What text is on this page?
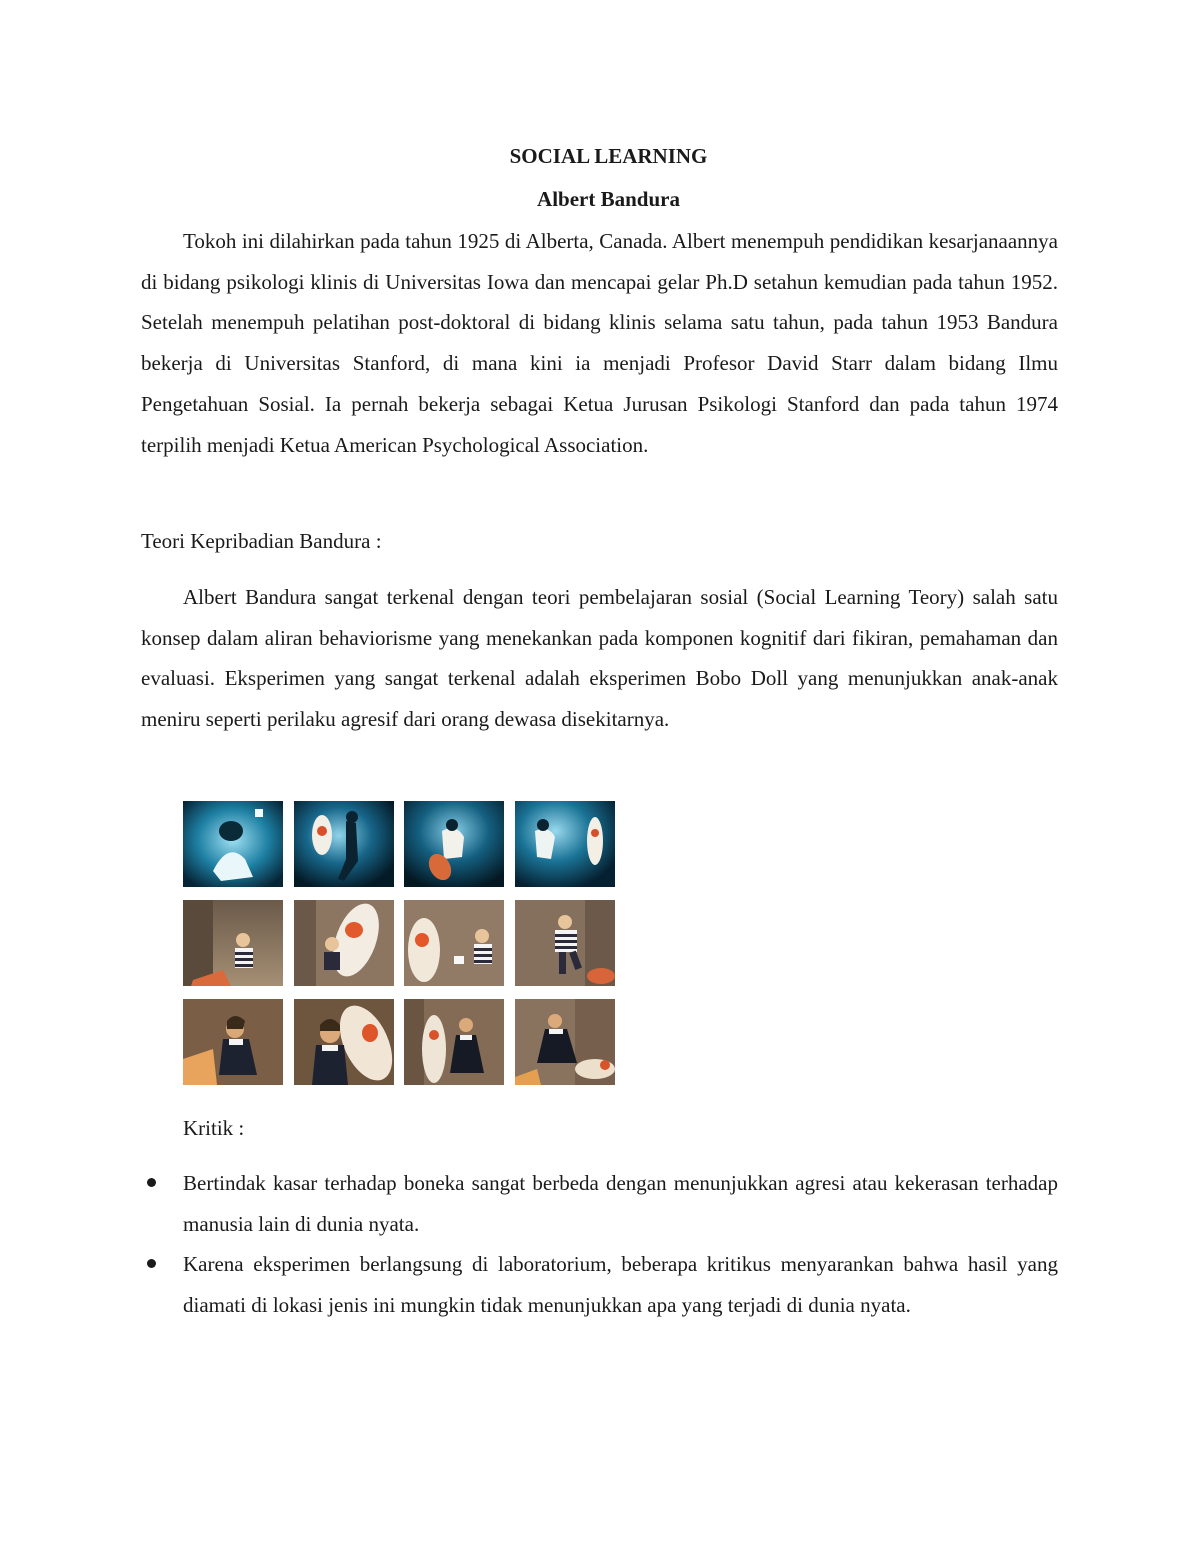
SOCIAL LEARNING
Albert Bandura

Tokoh ini dilahirkan pada tahun 1925 di Alberta, Canada. Albert menempuh pendidikan kesarjanaannya di bidang psikologi klinis di Universitas Iowa dan mencapai gelar Ph.D setahun kemudian pada tahun 1952. Setelah menempuh pelatihan post-doktoral di bidang klinis selama satu tahun, pada tahun 1953 Bandura bekerja di Universitas Stanford, di mana kini ia menjadi Profesor David Starr dalam bidang Ilmu Pengetahuan Sosial. Ia pernah bekerja sebagai Ketua Jurusan Psikologi Stanford dan pada tahun 1974 terpilih menjadi Ketua American Psychological Association.

Teori Kepribadian Bandura :

Albert Bandura sangat terkenal dengan teori pembelajaran sosial (Social Learning Teory) salah satu konsep dalam aliran behaviorisme yang menekankan pada komponen kognitif dari fikiran, pemahaman dan evaluasi. Eksperimen yang sangat terkenal adalah eksperimen Bobo Doll yang menunjukkan anak-anak meniru seperti perilaku agresif dari orang dewasa disekitarnya.

Kritik :

Bertindak kasar terhadap boneka sangat berbeda dengan menunjukkan agresi atau kekerasan terhadap manusia lain di dunia nyata.
Karena eksperimen berlangsung di laboratorium, beberapa kritikus menyarankan bahwa hasil yang diamati di lokasi jenis ini mungkin tidak menunjukkan apa yang terjadi di dunia nyata.
